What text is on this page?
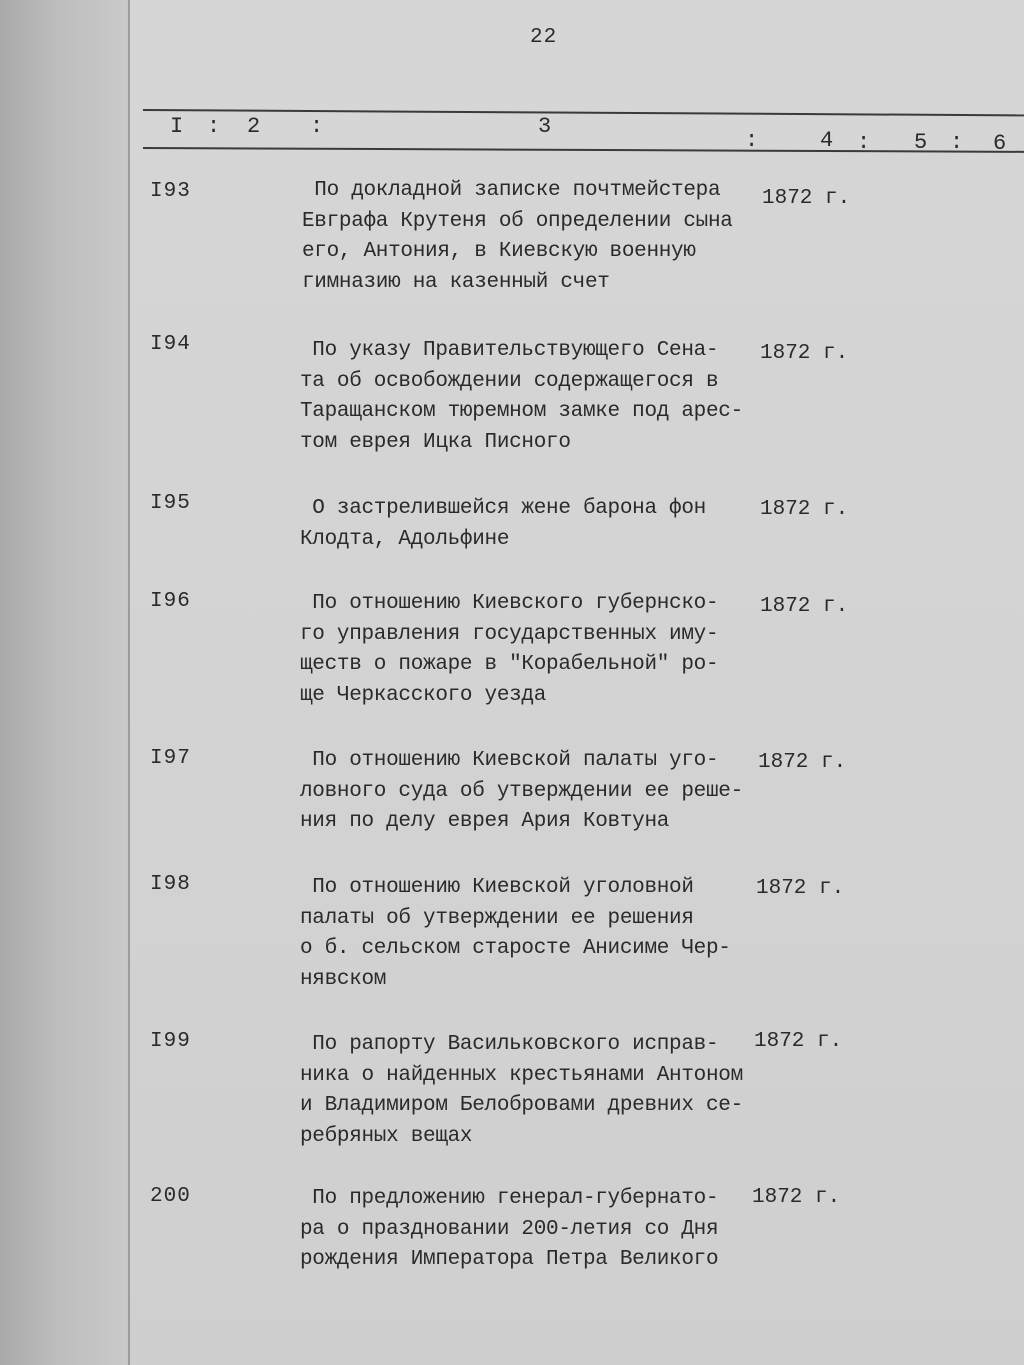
22
I : 2 :	3
:	4 : 5 : 6
I93	По докладной записке почтмейстера
Евграфа Крутеня об определении сына
его, Антония, в Киевскую военную
гимназию на казенный счет
1872 г.
I94	По указу Правительствующего Сена-
та об освобождении содержащегося в
Таращанском тюремном замке под арес-
том еврея Ицка Писного
1872 г.
I95	О застрелившейся жене барона фон
Клодта, Адольфине
1872 г.
I96	По отношению Киевского губернско-
го управления государственных иму-
ществ о пожаре в "Корабельной" ро-
ще Черкасского уезда
1872 г.
I97	По отношению Киевской палаты уго-
ловного суда об утверждении ее реше-
ния по делу еврея Ария Ковтуна
1872 г.
I98	По отношению Киевской уголовной
палаты об утверждении ее решения
о б. сельском старосте Анисиме Чер-
нявском
1872 г.
I99	По рапорту Васильковского исправ-
ника о найденных крестьянами Антоном
и Владимиром Белобровами древних се-
ребряных вещах
1872 г.
200	По предложению генерал-губернато-
ра о праздновании 200-летия со Дня
рождения Императора Петра Великого
1872 г.
